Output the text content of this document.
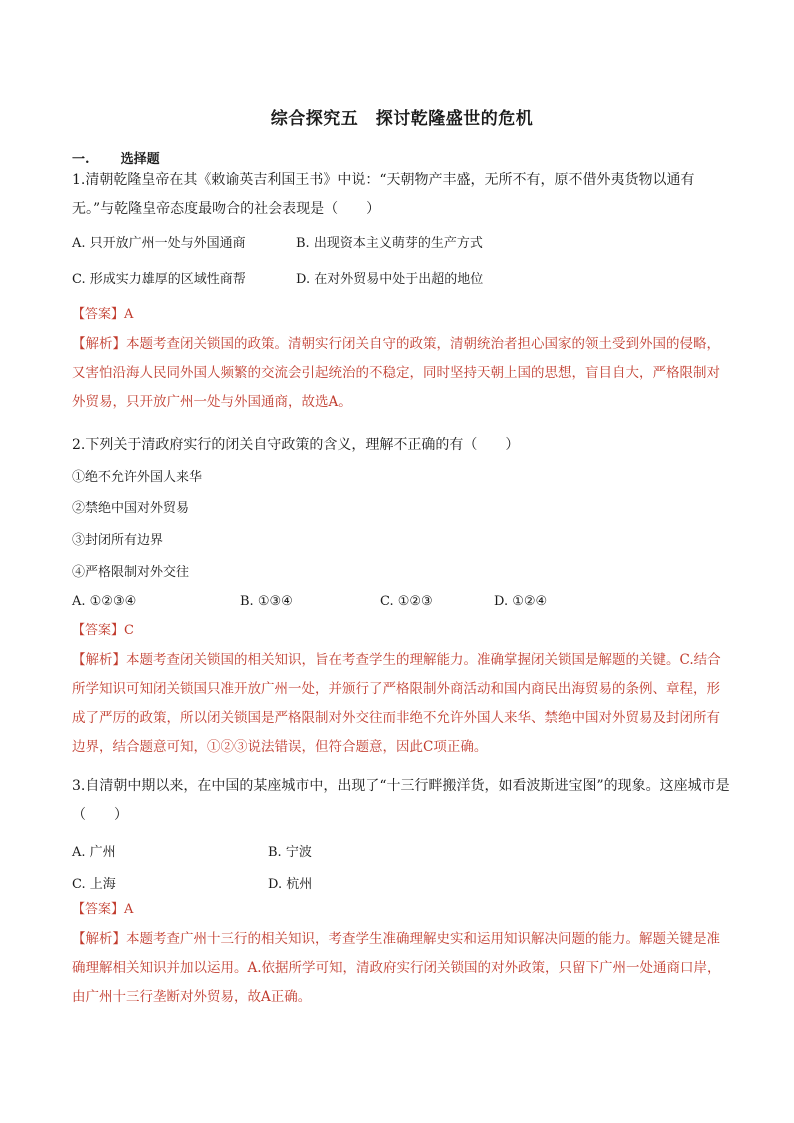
综合探究五　探讨乾隆盛世的危机
一. 选择题
1.清朝乾隆皇帝在其《敕谕英吉利国王书》中说：“天朝物产丰盛，无所不有，原不借外夷货物以通有无。”与乾隆皇帝态度最吻合的社会表现是（　　）
A. 只开放广州一处与外国通商	B. 出现资本主义萌芽的生产方式
C. 形成实力雄厚的区域性商帮	D. 在对外贸易中处于出超的地位
【答案】A
【解析】本题考查闭关锁国的政策。清朝实行闭关自守的政策，清朝统治者担心国家的领土受到外国的侵略，又害怕沿海人民同外国人频繁的交流会引起统治的不稳定，同时坚持天朝上国的思想，盲目自大，严格限制对外贸易，只开放广州一处与外国通商，故选A。
2.下列关于清政府实行的闭关自守政策的含义，理解不正确的有（　　）
①绝不允许外国人来华
②禁绝中国对外贸易
③封闭所有边界
④严格限制对外交往
A. ①②③④	B. ①③④	C. ①②③	D. ①②④
【答案】C
【解析】本题考查闭关锁国的相关知识，旨在考查学生的理解能力。准确掌握闭关锁国是解题的关键。C.结合所学知识可知闭关锁国只准开放广州一处，并颁行了严格限制外商活动和国内商民出海贸易的条例、章程，形成了严厉的政策，所以闭关锁国是严格限制对外交往而非绝不允许外国人来华、禁绝中国对外贸易及封闭所有边界，结合题意可知，①②③说法错误，但符合题意，因此C项正确。
3.自清朝中期以来，在中国的某座城市中，出现了“十三行畔搬洋货，如看波斯进宝图”的现象。这座城市是（　　）
A. 广州	B. 宁波
C. 上海	D. 杭州
【答案】A
【解析】本题考查广州十三行的相关知识，考查学生准确理解史实和运用知识解决问题的能力。解题关键是准确理解相关知识并加以运用。A.依据所学可知，清政府实行闭关锁国的对外政策，只留下广州一处通商口岸，由广州十三行垄断对外贸易，故A正确。
